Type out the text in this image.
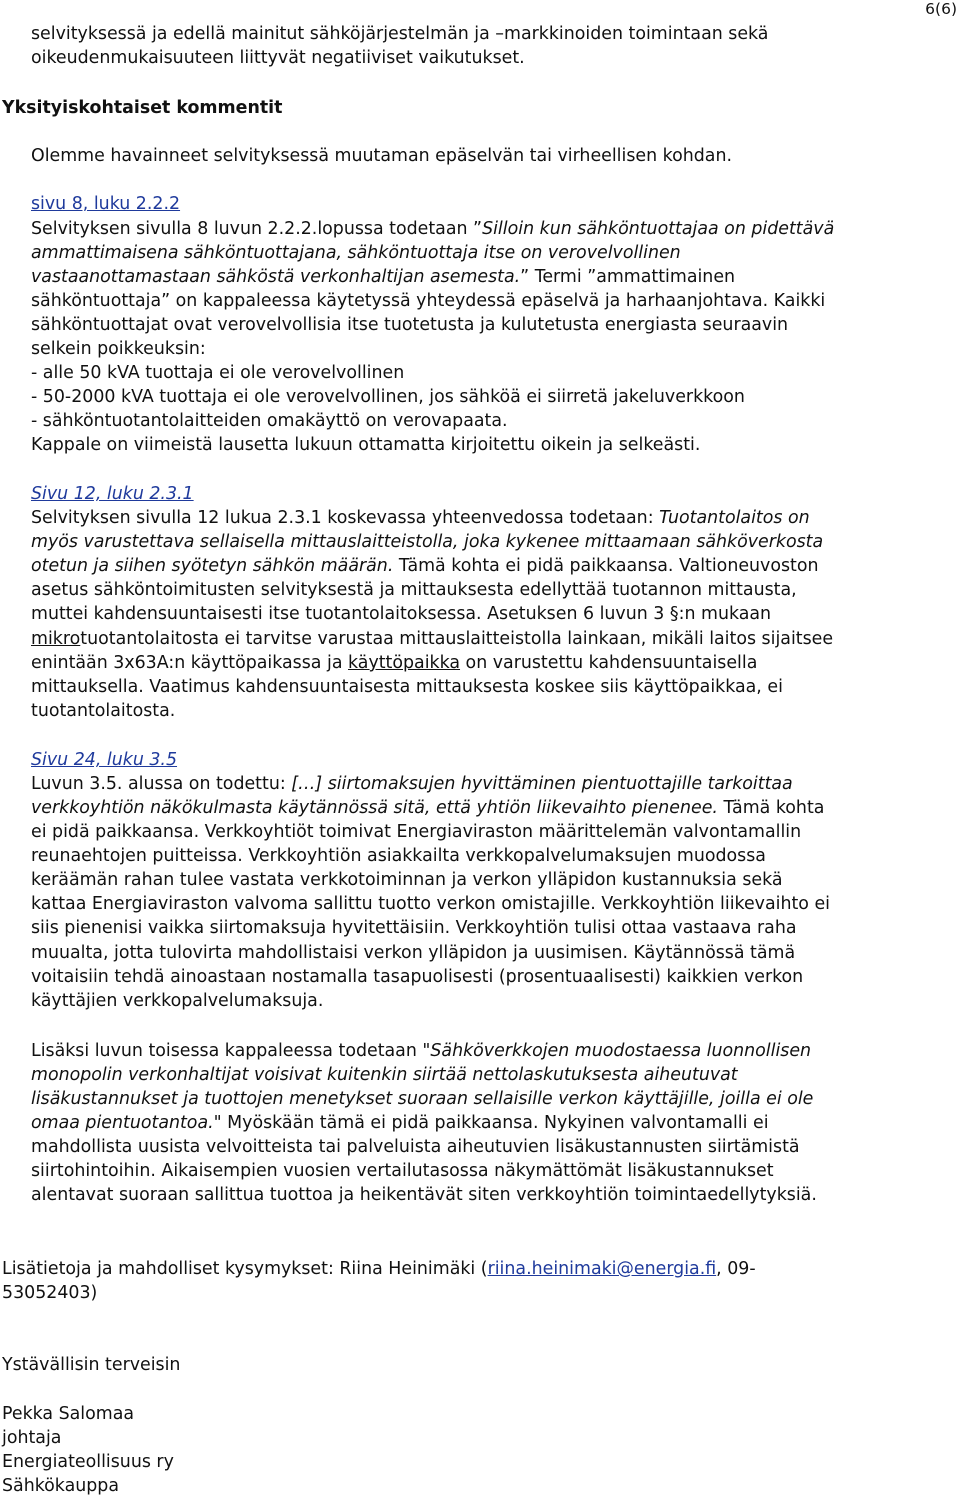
6(6)
selvityksessä ja edellä mainitut sähköjärjestelmän ja –markkinoiden toimintaan sekä
oikeudenmukaisuuteen liittyvät negatiiviset vaikutukset.
Yksityiskohtaiset kommentit
Olemme havainneet selvityksessä muutaman epäselvän tai virheellisen kohdan.
sivu 8, luku 2.2.2
Selvityksen sivulla 8 luvun 2.2.2.lopussa todetaan ”Silloin kun sähköntuottajaa on pidettävä
ammattimaisena sähköntuottajana, sähköntuottaja itse on verovelvollinen
vastaanottamastaan sähköstä verkonhaltijan asemesta.” Termi ”ammattimainen
sähköntuottaja” on kappaleessa käytetyssä yhteydessä epäselvä ja harhaanjohtava. Kaikki
sähköntuottajat ovat verovelvollisia itse tuotetusta ja kulutetusta energiasta seuraavin
selkein poikkeuksin:
- alle 50 kVA tuottaja ei ole verovelvollinen
- 50-2000 kVA tuottaja ei ole verovelvollinen, jos sähköä ei siirretä jakeluverkkoon
- sähköntuotantolaitteiden omakäyttö on verovapaata.
Kappale on viimeistä lausetta lukuun ottamatta kirjoitettu oikein ja selkeästi.
Sivu 12, luku 2.3.1
Selvityksen sivulla 12 lukua 2.3.1 koskevassa yhteenvedossa todetaan: Tuotantolaitos on
myös varustettava sellaisella mittauslaitteistolla, joka kykenee mittaamaan sähköverkosta
otetun ja siihen syötetyn sähkön määrän. Tämä kohta ei pidä paikkaansa. Valtioneuvoston
asetus sähköntoimitusten selvityksestä ja mittauksesta edellyttää tuotannon mittausta,
muttei kahdensuuntaisesti itse tuotantolaitoksessa. Asetuksen 6 luvun 3 §:n mukaan
mikrotuotantolaitosta ei tarvitse varustaa mittauslaitteistolla lainkaan, mikäli laitos sijaitsee
enintään 3x63A:n käyttöpaikassa ja käyttöpaikka on varustettu kahdensuuntaisella
mittauksella. Vaatimus kahdensuuntaisesta mittauksesta koskee siis käyttöpaikkaa, ei
tuotantolaitosta.
Sivu 24, luku 3.5
Luvun 3.5. alussa on todettu: […] siirtomaksujen hyvittäminen pientuottajille tarkoittaa
verkkoyhtiön näkökulmasta käytännössä sitä, että yhtiön liikevaihto pienenee. Tämä kohta
ei pidä paikkaansa. Verkkoyhtiöt toimivat Energiaviraston määrittelemän valvontamallin
reunaehtojen puitteissa. Verkkoyhtiön asiakkailta verkkopalvelumaksujen muodossa
keräämän rahan tulee vastata verkkotoiminnan ja verkon ylläpidon kustannuksia sekä
kattaa Energiaviraston valvoma sallittu tuotto verkon omistajille. Verkkoyhtiön liikevaihto ei
siis pienenisi vaikka siirtomaksuja hyvitettäisiin. Verkkoyhtiön tulisi ottaa vastaava raha
muualta, jotta tulovirta mahdollistaisi verkon ylläpidon ja uusimisen. Käytännössä tämä
voitaisiin tehdä ainoastaan nostamalla tasapuolisesti (prosentuaalisesti) kaikkien verkon
käyttäjien verkkopalvelumaksuja.
Lisäksi luvun toisessa kappaleessa todetaan "Sähköverkkojen muodostaessa luonnollisen
monopolin verkonhaltijat voisivat kuitenkin siirtää nettolaskutuksesta aiheutuvat
lisäkustannukset ja tuottojen menetykset suoraan sellaisille verkon käyttäjille, joilla ei ole
omaa pientuotantoa." Myöskään tämä ei pidä paikkaansa. Nykyinen valvontamalli ei
mahdollista uusista velvoitteista tai palveluista aiheutuvien lisäkustannusten siirtämistä
siirtohintoihin. Aikaisempien vuosien vertailutasossa näkymättömät lisäkustannukset
alentavat suoraan sallittua tuottoa ja heikentävät siten verkkoyhtiön toimintaedellytyksiä.
Lisätietoja ja mahdolliset kysymykset: Riina Heinimäki (riina.heinimaki@energia.fi, 09-
53052403)
Ystävällisin terveisin
Pekka Salomaa
johtaja
Energiateollisuus ry
Sähkökauppa
